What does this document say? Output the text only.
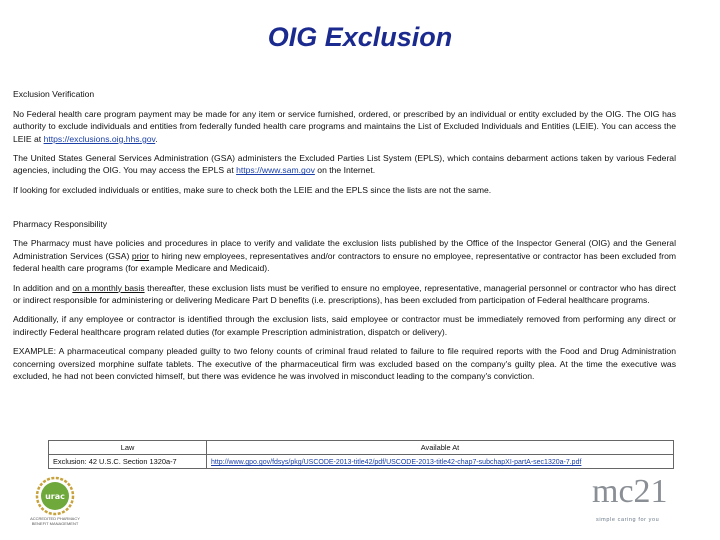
OIG Exclusion

Exclusion Verification

No Federal health care program payment may be made for any item or service furnished, ordered, or prescribed by an individual or entity excluded by the OIG. The OIG has authority to exclude individuals and entities from federally funded health care programs and maintains the List of Excluded Individuals and Entities (LEIE). You can access the LEIE at https://exclusions.oig.hhs.gov.

The United States General Services Administration (GSA) administers the Excluded Parties List System (EPLS), which contains debarment actions taken by various Federal agencies, including the OIG. You may access the EPLS at https://www.sam.gov on the Internet.

If looking for excluded individuals or entities, make sure to check both the LEIE and the EPLS since the lists are not the same.

Pharmacy Responsibility

The Pharmacy must have policies and procedures in place to verify and validate the exclusion lists published by the Office of the Inspector General (OIG) and the General Administration Services (GSA) prior to hiring new employees, representatives and/or contractors to ensure no employee, representative or contractor has been excluded from federal health care programs (for example Medicare and Medicaid).

In addition and on a monthly basis thereafter, these exclusion lists must be verified to ensure no employee, representative, managerial personnel or contractor who has direct or indirect responsible for administering or delivering Medicare Part D benefits (i.e. prescriptions), has been excluded from participation of Federal healthcare programs.

Additionally, if any employee or contractor is identified through the exclusion lists, said employee or contractor must be immediately removed from performing any direct or indirectly Federal healthcare program related duties (for example Prescription administration, dispatch or delivery).

EXAMPLE: A pharmaceutical company pleaded guilty to two felony counts of criminal fraud related to failure to file required reports with the Food and Drug Administration concerning oversized morphine sulfate tablets. The executive of the pharmaceutical firm was excluded based on the company's guilty plea. At the time the executive was excluded, he had not been convicted himself, but there was evidence he was involved in misconduct leading to the company's conviction.

Law	Available At
Exclusion: 42 U.S.C. Section 1320a-7	http://www.gpo.gov/fdsys/pkg/USCODE-2013-title42/pdf/USCODE-2013-title42-chap7-subchapXI-partA-sec1320a-7.pdf
urac
ACCREDITED PHARMACY BENEFIT MANAGEMENT
mc21
simple caring for you
